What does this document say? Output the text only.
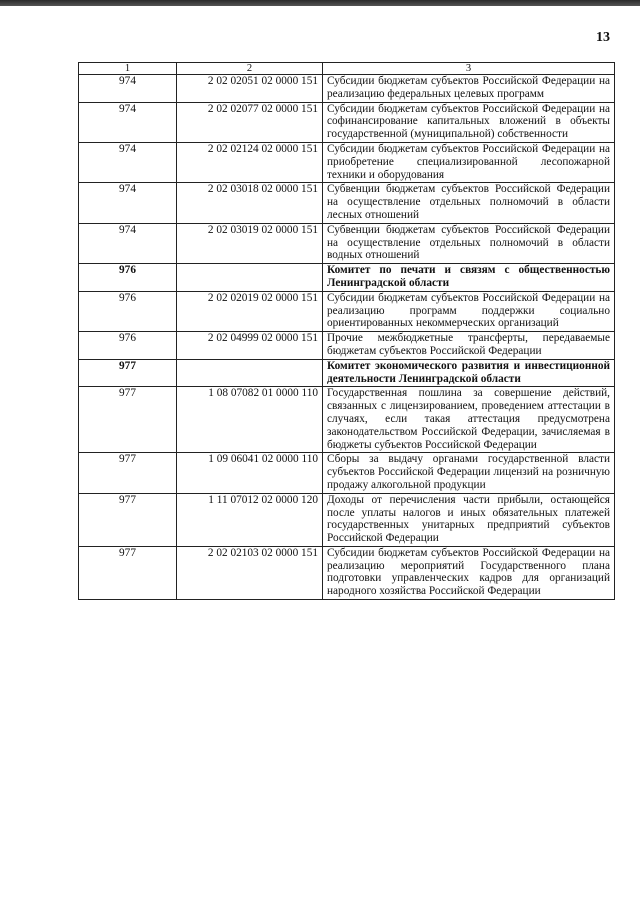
13
1	2	3
974	2 02 02051 02 0000 151	Субсидии бюджетам субъектов Российской Федерации на реализацию федеральных целевых программ
974	2 02 02077 02 0000 151	Субсидии бюджетам субъектов Российской Федерации на софинансирование капитальных вложений в объекты государственной (муниципальной) собственности
974	2 02 02124 02 0000 151	Субсидии бюджетам субъектов Российской Федерации на приобретение специализированной лесопожарной техники и оборудования
974	2 02 03018 02 0000 151	Субвенции бюджетам субъектов Российской Федерации на осуществление отдельных полномочий в области лесных отношений
974	2 02 03019 02 0000 151	Субвенции бюджетам субъектов Российской Федерации на осуществление отдельных полномочий в области водных отношений
976		Комитет по печати и связям с общественностью Ленинградской области
976	2 02 02019 02 0000 151	Субсидии бюджетам субъектов Российской Федерации на реализацию программ поддержки социально ориентированных некоммерческих организаций
976	2 02 04999 02 0000 151	Прочие межбюджетные трансферты, передаваемые бюджетам субъектов Российской Федерации
977		Комитет экономического развития и инвестиционной деятельности Ленинградской области
977	1 08 07082 01 0000 110	Государственная пошлина за совершение действий, связанных с лицензированием, проведением аттестации в случаях, если такая аттестация предусмотрена законодательством Российской Федерации, зачисляемая в бюджеты субъектов Российской Федерации
977	1 09 06041 02 0000 110	Сборы за выдачу органами государственной власти субъектов Российской Федерации лицензий на розничную продажу алкогольной продукции
977	1 11 07012 02 0000 120	Доходы от перечисления части прибыли, остающейся после уплаты налогов и иных обязательных платежей государственных унитарных предприятий субъектов Российской Федерации
977	2 02 02103 02 0000 151	Субсидии бюджетам субъектов Российской Федерации на реализацию мероприятий Государственного плана подготовки управленческих кадров для организаций народного хозяйства Российской Федерации
